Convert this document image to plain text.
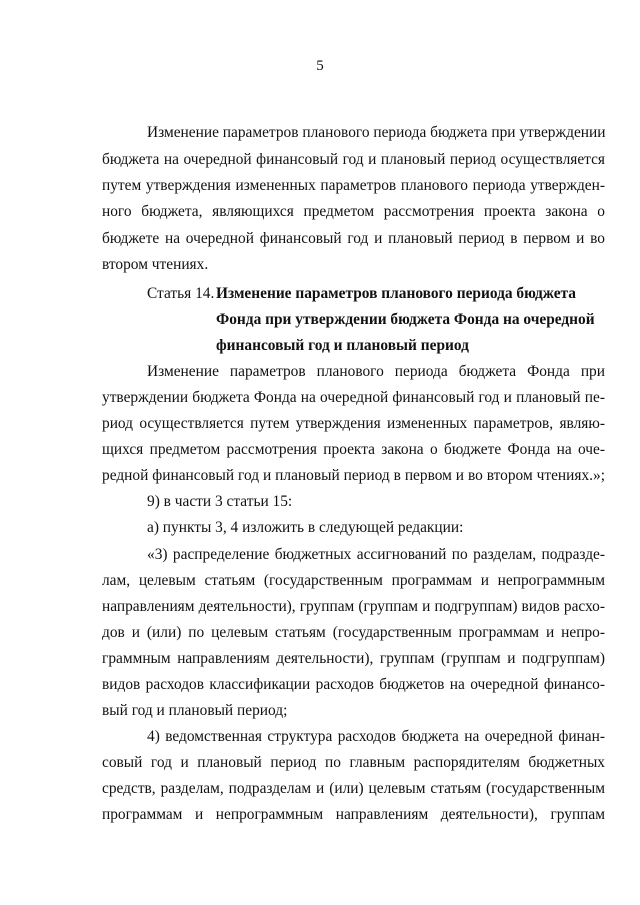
5
Изменение параметров планового периода бюджета при утверждении
бюджета на очередной финансовый год и плановый период осуществляется
путем утверждения измененных параметров планового периода утвержден-
ного бюджета, являющихся предметом рассмотрения проекта закона о
бюджете на очередной финансовый год и плановый период в первом и во
втором чтениях.
Статья 14. Изменение параметров планового периода бюджета
Фонда при утверждении бюджета Фонда на очередной
финансовый год и плановый период
Изменение параметров планового периода бюджета Фонда при
утверждении бюджета Фонда на очередной финансовый год и плановый пе-
риод осуществляется путем утверждения измененных параметров, являю-
щихся предметом рассмотрения проекта закона о бюджете Фонда на оче-
редной финансовый год и плановый период в первом и во втором чтениях.»;
9) в части 3 статьи 15:
а) пункты 3, 4 изложить в следующей редакции:
«3) распределение бюджетных ассигнований по разделам, подразде-
лам, целевым статьям (государственным программам и непрограммным
направлениям деятельности), группам (группам и подгруппам) видов расхо-
дов и (или) по целевым статьям (государственным программам и непро-
граммным направлениям деятельности), группам (группам и подгруппам)
видов расходов классификации расходов бюджетов на очередной финансо-
вый год и плановый период;
4) ведомственная структура расходов бюджета на очередной финан-
совый год и плановый период по главным распорядителям бюджетных
средств, разделам, подразделам и (или) целевым статьям (государственным
программам и непрограммным направлениям деятельности), группам
